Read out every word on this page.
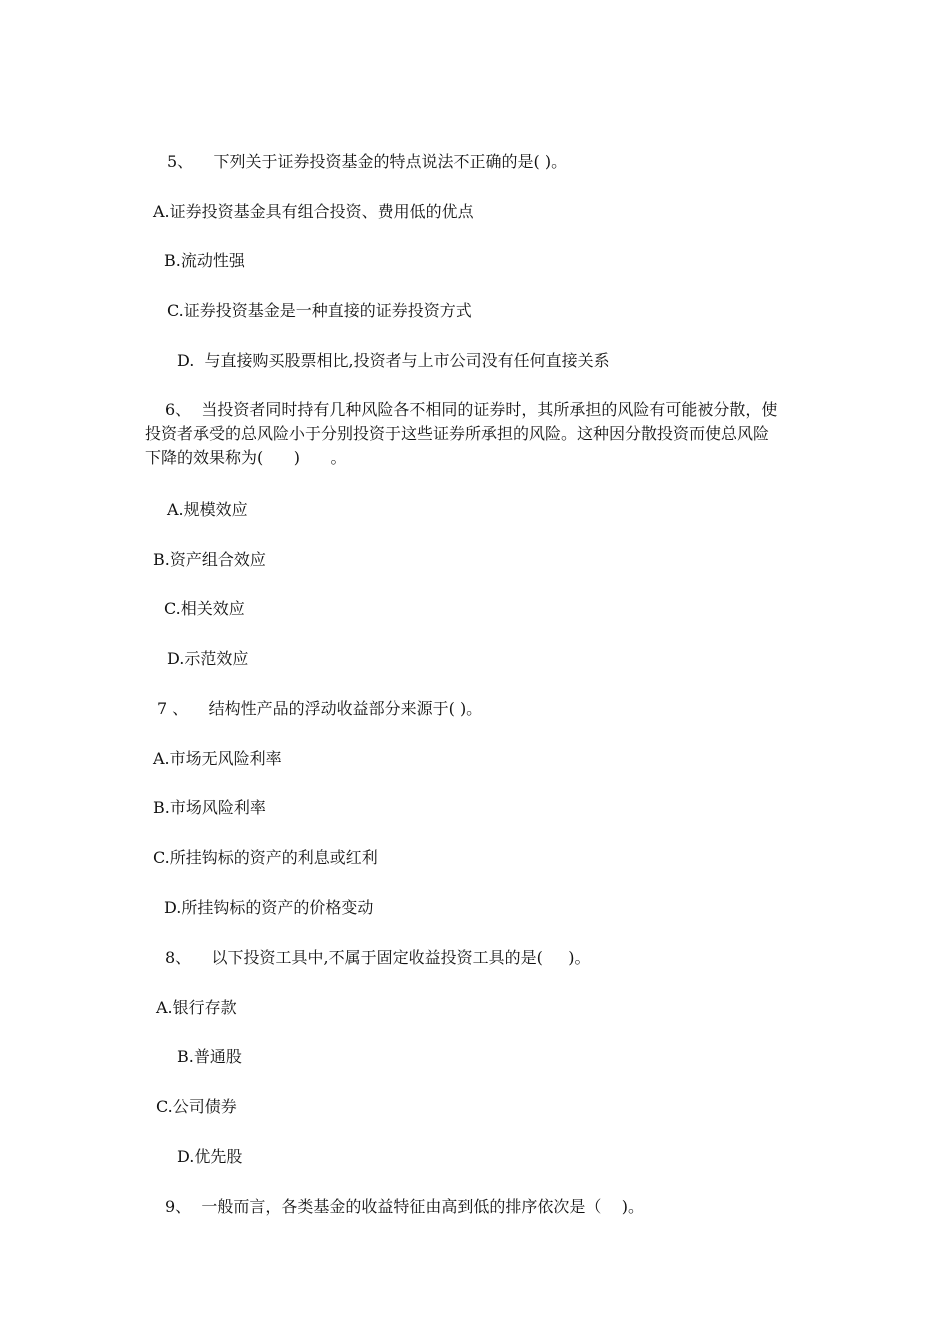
5、    下列关于证券投资基金的特点说法不正确的是( )。
A.证券投资基金具有组合投资、费用低的优点
B.流动性强
C.证券投资基金是一种直接的证券投资方式
D.  与直接购买股票相比,投资者与上市公司没有任何直接关系
6、  当投资者同时持有几种风险各不相同的证券时，其所承担的风险有可能被分散，使
投资者承受的总风险小于分别投资于这些证券所承担的风险。这种因分散投资而使总风险
下降的效果称为(      )      。
A.规模效应
B.资产组合效应
C.相关效应
D.示范效应
7 、    结构性产品的浮动收益部分来源于( )。
A.市场无风险利率
B.市场风险利率
C.所挂钩标的资产的利息或红利
D.所挂钩标的资产的价格变动
8、    以下投资工具中,不属于固定收益投资工具的是(     )。
A.银行存款
B.普通股
C.公司债券
D.优先股
9、  一般而言，各类基金的收益特征由高到低的排序依次是（    )。
